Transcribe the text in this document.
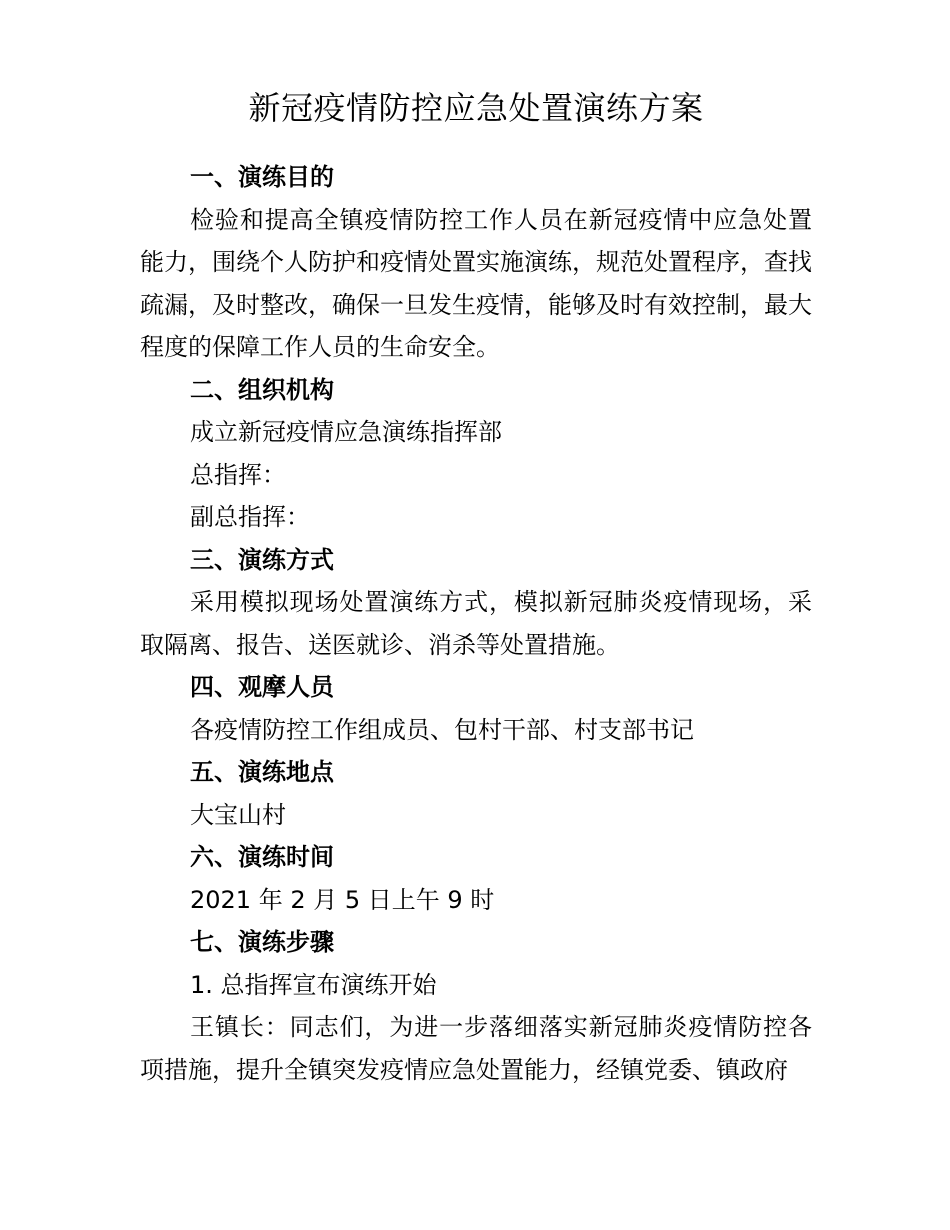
新冠疫情防控应急处置演练方案

一、演练目的

检验和提高全镇疫情防控工作人员在新冠疫情中应急处置能力，围绕个人防护和疫情处置实施演练，规范处置程序，查找疏漏，及时整改，确保一旦发生疫情，能够及时有效控制，最大程度的保障工作人员的生命安全。

二、组织机构

成立新冠疫情应急演练指挥部

总指挥：

副总指挥：

三、演练方式

采用模拟现场处置演练方式，模拟新冠肺炎疫情现场，采取隔离、报告、送医就诊、消杀等处置措施。

四、观摩人员

各疫情防控工作组成员、包村干部、村支部书记

五、演练地点

大宝山村

六、演练时间

2021 年 2 月 5 日上午 9 时

七、演练步骤

1. 总指挥宣布演练开始

王镇长：同志们，为进一步落细落实新冠肺炎疫情防控各项措施，提升全镇突发疫情应急处置能力，经镇党委、镇政府
